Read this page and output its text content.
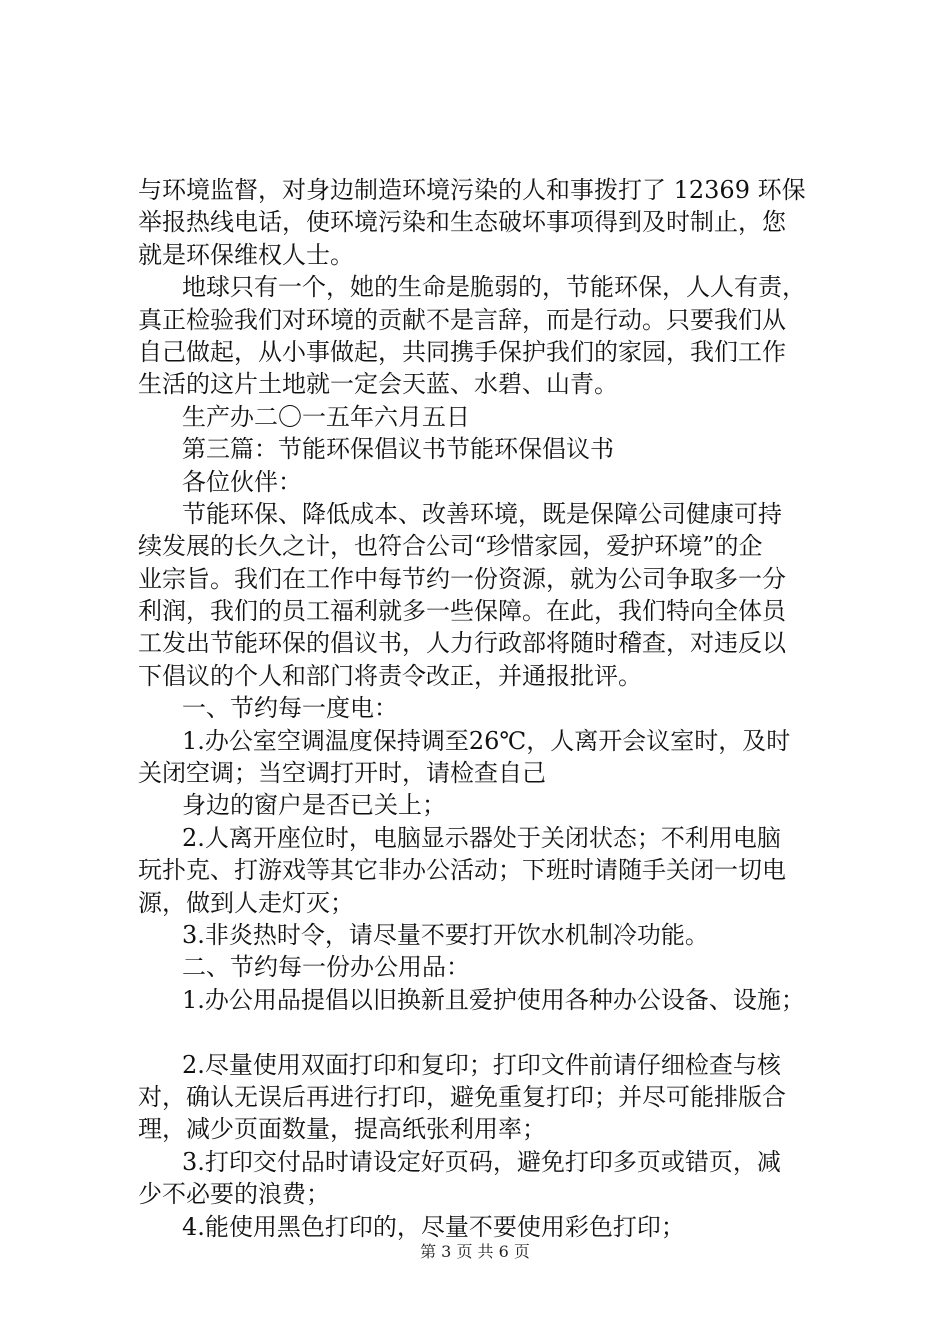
与环境监督，对身边制造环境污染的人和事拨打了 12369 环保
举报热线电话，使环境污染和生态破坏事项得到及时制止，您
就是环保维权人士。
地球只有一个，她的生命是脆弱的，节能环保，人人有责，
真正检验我们对环境的贡献不是言辞，而是行动。只要我们从
自己做起，从小事做起，共同携手保护我们的家园，我们工作
生活的这片土地就一定会天蓝、水碧、山青。
生产办二〇一五年六月五日
第三篇：节能环保倡议书节能环保倡议书
各位伙伴：
节能环保、降低成本、改善环境，既是保障公司健康可持
续发展的长久之计，也符合公司“珍惜家园，爱护环境”的企
业宗旨。我们在工作中每节约一份资源，就为公司争取多一分
利润，我们的员工福利就多一些保障。在此，我们特向全体员
工发出节能环保的倡议书，人力行政部将随时稽查，对违反以
下倡议的个人和部门将责令改正，并通报批评。
一、节约每一度电：
1.办公室空调温度保持调至26℃，人离开会议室时，及时
关闭空调；当空调打开时，请检查自己
身边的窗户是否已关上；
2.人离开座位时，电脑显示器处于关闭状态；不利用电脑
玩扑克、打游戏等其它非办公活动；下班时请随手关闭一切电
源，做到人走灯灭；
3.非炎热时令，请尽量不要打开饮水机制冷功能。
二、节约每一份办公用品：
1.办公用品提倡以旧换新且爱护使用各种办公设备、设施；
2.尽量使用双面打印和复印；打印文件前请仔细检查与核
对，确认无误后再进行打印，避免重复打印；并尽可能排版合
理，减少页面数量，提高纸张利用率；
3.打印交付品时请设定好页码，避免打印多页或错页，减
少不必要的浪费；
4.能使用黑色打印的，尽量不要使用彩色打印；
第 3 页 共 6 页
